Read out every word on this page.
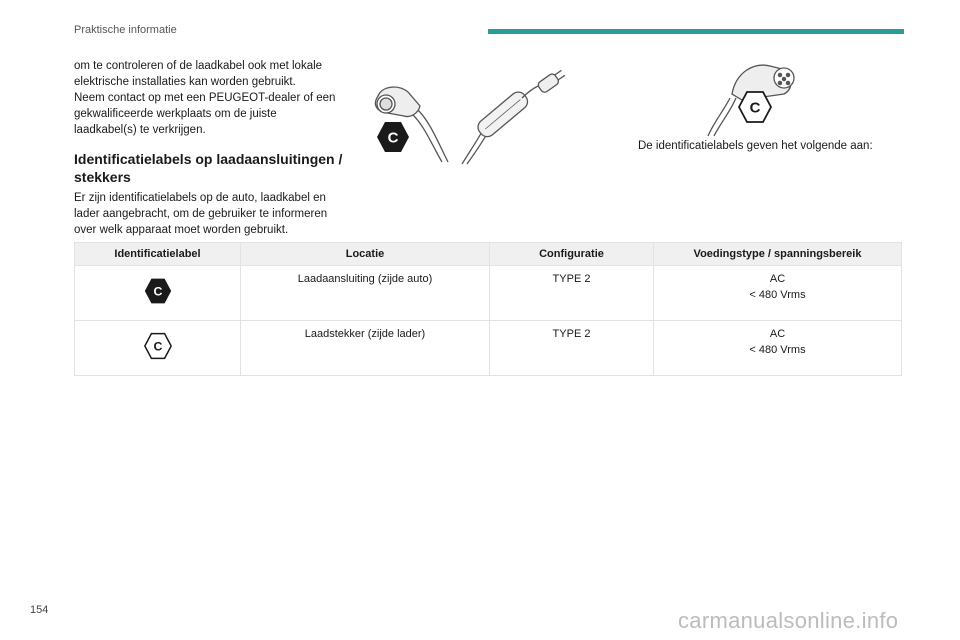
Praktische informatie

om te controleren of de laadkabel ook met lokale elektrische installaties kan worden gebruikt.

Neem contact op met een PEUGEOT-dealer of een gekwalificeerde werkplaats om de juiste laadkabel(s) te verkrijgen.

Identificatielabels op laadaansluitingen / stekkers
Er zijn identificatielabels op de auto, laadkabel en lader aangebracht, om de gebruiker te informeren over welk apparaat moet worden gebruikt.
C
C
De identificatielabels geven het volgende aan:
Identificatielabel	Locatie	Configuratie	Voedingstype / spanningsbereik

C	Laadaansluiting (zijde auto)	TYPE 2	AC
< 480 Vrms

C	Laadstekker (zijde lader)	TYPE 2	AC
< 480 Vrms
154	carmanualsonline.info
